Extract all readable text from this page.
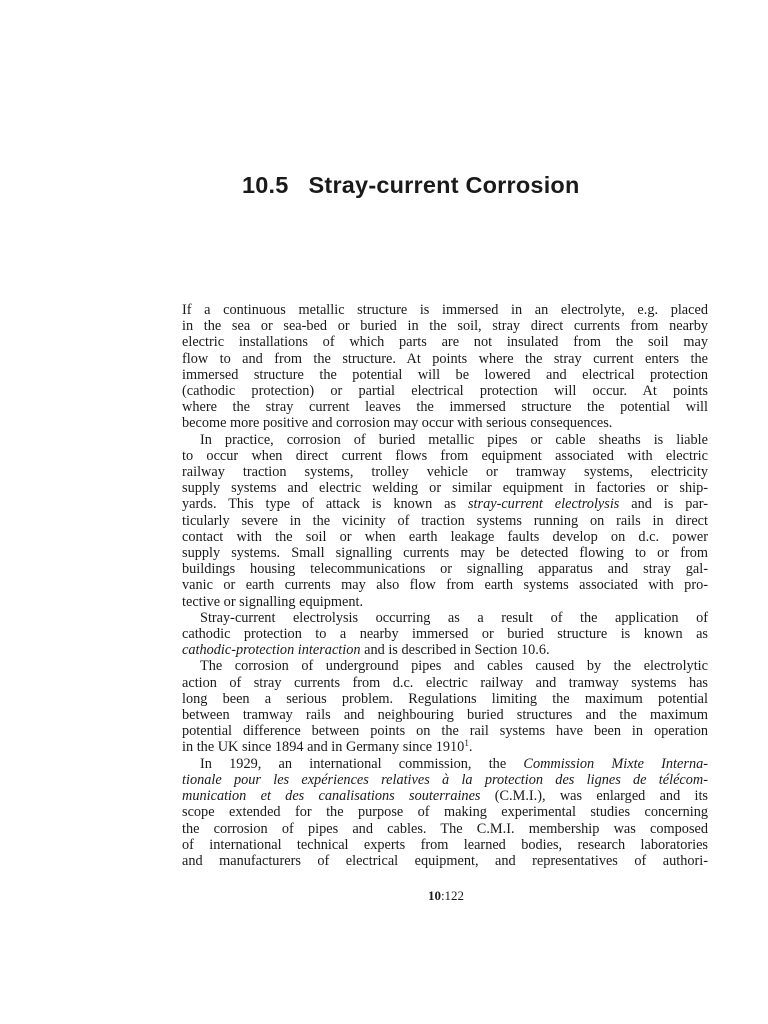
10.5 Stray-current Corrosion

If a continuous metallic structure is immersed in an electrolyte, e.g. placed
in the sea or sea-bed or buried in the soil, stray direct currents from nearby
electric installations of which parts are not insulated from the soil may
flow to and from the structure. At points where the stray current enters the
immersed structure the potential will be lowered and electrical protection
(cathodic protection) or partial electrical protection will occur. At points
where the stray current leaves the immersed structure the potential will
become more positive and corrosion may occur with serious consequences.

In practice, corrosion of buried metallic pipes or cable sheaths is liable
to occur when direct current flows from equipment associated with electric
railway traction systems, trolley vehicle or tramway systems, electricity
supply systems and electric welding or similar equipment in factories or ship-
yards. This type of attack is known as stray-current electrolysis and is par-
ticularly severe in the vicinity of traction systems running on rails in direct
contact with the soil or when earth leakage faults develop on d.c. power
supply systems. Small signalling currents may be detected flowing to or from
buildings housing telecommunications or signalling apparatus and stray gal-
vanic or earth currents may also flow from earth systems associated with pro-
tective or signalling equipment.

Stray-current electrolysis occurring as a result of the application of
cathodic protection to a nearby immersed or buried structure is known as
cathodic-protection interaction and is described in Section 10.6.

The corrosion of underground pipes and cables caused by the electrolytic
action of stray currents from d.c. electric railway and tramway systems has
long been a serious problem. Regulations limiting the maximum potential
between tramway rails and neighbouring buried structures and the maximum
potential difference between points on the rail systems have been in operation
in the UK since 1894 and in Germany since 1910$^1$.

In 1929, an international commission, the Commission Mixte Interna-
tionale pour les expériences relatives à la protection des lignes de télécom-
munication et des canalisations souterraines (C.M.I.), was enlarged and its
scope extended for the purpose of making experimental studies concerning
the corrosion of pipes and cables. The C.M.I. membership was composed
of international technical experts from learned bodies, research laboratories
and manufacturers of electrical equipment, and representatives of authori-

10:122
